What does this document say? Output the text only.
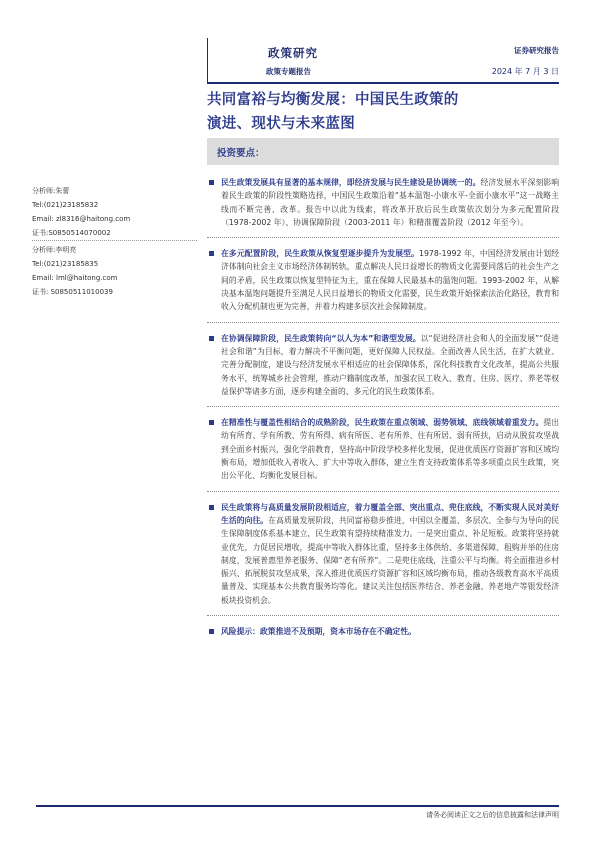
政策研究
政策专题报告
证券研究报告
2024 年 7 月 3 日
共同富裕与均衡发展：中国民生政策的
演进、现状与未来蓝图
投资要点：
分析师:朱蕾
Tel:(021)23185832
Email: zl8316@haitong.com
证书:S0850514070002
分析师:李明亮
Tel:(021)23185835
Email: lml@haitong.com
证书: S0850511010039

民生政策发展具有显著的基本规律，即经济发展与民生建设是协调统一的。经济发展水平深刻影响着民生政策的阶段性策略选择，中国民生政策沿着“基本温饱-小康水平-全面小康水平”这一战略主线而不断完善、改革。报告中以此为线索，将改革开放后民生政策依次划分为多元配置阶段（1978-2002 年）、协调保障阶段（2003-2011 年）和精准覆盖阶段（2012 年至今）。

在多元配置阶段，民生政策从恢复型逐步提升为发展型。1978-1992 年，中国经济发展由计划经济体制向社会主义市场经济体制转轨，重点解决人民日益增长的物质文化需要同落后的社会生产之间的矛盾，民生政策以恢复型特征为主，重在保障人民最基本的温饱问题。1993-2002 年，从解决基本温饱问题提升至满足人民日益增长的物质文化需要，民生政策开始探索法治化路径，教育和收入分配机制也更为完善，并着力构建多层次社会保障制度。

在协调保障阶段，民生政策转向“以人为本”和谐型发展。以“促进经济社会和人的全面发展”“促进社会和谐”为目标，着力解决不平衡问题，更好保障人民权益。全面改善人民生活，在扩大就业、完善分配制度，建设与经济发展水平相适应的社会保障体系，深化科技教育文化改革，提高公共服务水平，统筹城乡社会管理，推动户籍制度改革，加强农民工收入、教育、住房、医疗、养老等权益保护等诸多方面，逐步构建全面的、多元化的民生政策体系。

在精准性与覆盖性相结合的成熟阶段，民生政策在重点领域、弱势领域、底线领域着重发力。提出幼有所育、学有所教、劳有所得、病有所医、老有所养、住有所居、弱有所扶，启动从脱贫攻坚战到全面乡村振兴，强化学前教育，坚持高中阶段学校多样化发展，促进优质医疗资源扩容和区域均衡布局，增加低收入者收入、扩大中等收入群体，建立生育支持政策体系等多项重点民生政策，突出公平化、均衡化发展目标。

民生政策将与高质量发展阶段相适应，着力覆盖全部、突出重点、兜住底线，不断实现人民对美好生活的向往。在高质量发展阶段，共同富裕稳步推进，中国以全覆盖、多层次、全参与为导向的民生保障制度体系基本建立，民生政策有望持续精准发力。一是突出重点、补足短板。政策将坚持就业优先，力促居民增收，提高中等收入群体比重，坚持多主体供给、多渠道保障、租购并举的住房制度，发展普惠型养老服务、保障“老有所养”。二是兜住底线，注重公平与均衡。将全面推进乡村振兴、拓展脱贫攻坚成果，深入推进优质医疗资源扩容和区域均衡布局，推动各级教育高水平高质量普及、实现基本公共教育服务均等化。建议关注包括医养结合、养老金融、养老地产等银发经济板块投资机会。

风险提示：政策推进不及预期，资本市场存在不确定性。

请务必阅读正文之后的信息披露和法律声明
